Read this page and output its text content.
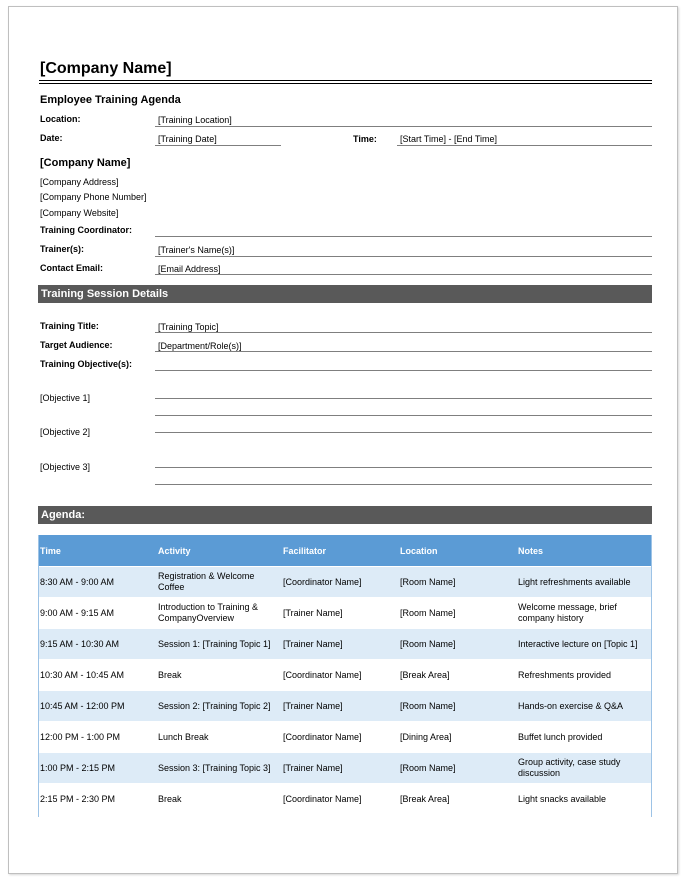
[Company Name]
Employee Training Agenda
Location:	[Training Location]
Date:	[Training Date]	Time:	[Start Time] - [End Time]
[Company Name]
[Company Address]
[Company Phone Number]
[Company Website]
Training Coordinator:
Trainer(s):	[Trainer's Name(s)]
Contact Email:	[Email Address]
Training Session Details
Training Title:	[Training Topic]
Target Audience:	[Department/Role(s)]
Training Objective(s):
[Objective 1]
[Objective 2]
[Objective 3]
Agenda:
Time	Activity	Facilitator	Location	Notes
8:30 AM - 9:00 AM	Registration & Welcome Coffee	[Coordinator Name]	[Room Name]	Light refreshments available
9:00 AM - 9:15 AM	Introduction to Training & CompanyOverview	[Trainer Name]	[Room Name]	Welcome message, brief company history
9:15 AM - 10:30 AM	Session 1: [Training Topic 1]	[Trainer Name]	[Room Name]	Interactive lecture on [Topic 1]
10:30 AM - 10:45 AM	Break	[Coordinator Name]	[Break Area]	Refreshments provided
10:45 AM - 12:00 PM	Session 2: [Training Topic 2]	[Trainer Name]	[Room Name]	Hands-on exercise & Q&A
12:00 PM - 1:00 PM	Lunch Break	[Coordinator Name]	[Dining Area]	Buffet lunch provided
1:00 PM - 2:15 PM	Session 3: [Training Topic 3]	[Trainer Name]	[Room Name]	Group activity, case study discussion
2:15 PM - 2:30 PM	Break	[Coordinator Name]	[Break Area]	Light snacks available
